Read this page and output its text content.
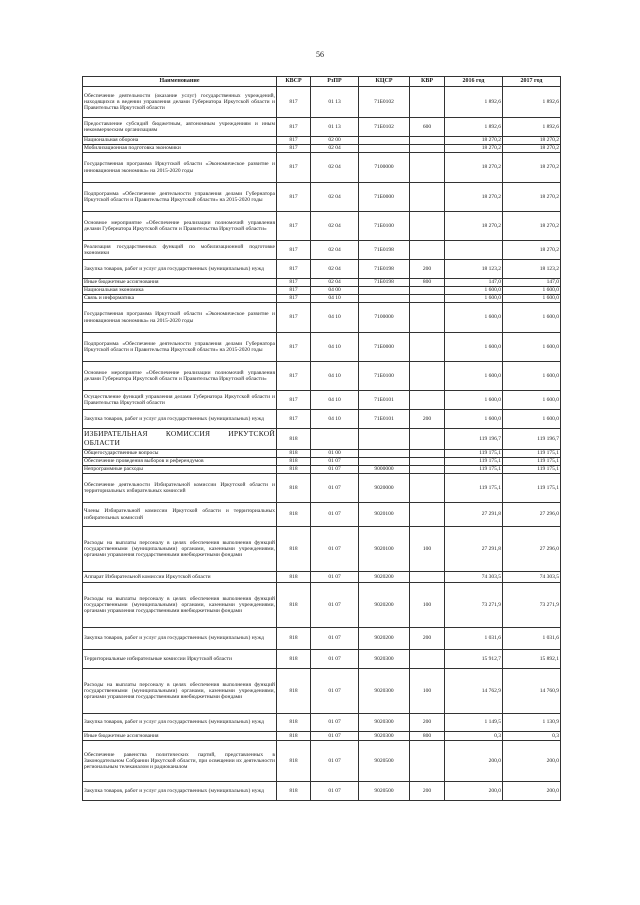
56
Наименование	КВСР	РзПР	КЦСР	КВР	2016 год	2017 год
Обеспечение деятельности (оказание услуг) государственных учреждений, находящихся в ведении управления делами Губернатора Иркутской области и Правительства Иркутской области	817	01 13	71Б0102		1 892,6	1 892,6
Предоставление субсидий бюджетным, автономным учреждениям и иным некоммерческим организациям	817	01 13	71Б0102	600	1 892,6	1 892,6
Национальная оборона	817	02 00			18 270,2	18 270,2
Мобилизационная подготовка экономики	817	02 04			18 270,2	18 270,2
Государственная программа Иркутской области «Экономическое развитие и инновационная экономика» на 2015-2020 годы	817	02 04	7100000		18 270,2	18 270,2
Подпрограмма «Обеспечение деятельности управления делами Губернатора Иркутской области и Правительства Иркутской области» на 2015-2020 годы	817	02 04	71Б0000		18 270,2	18 270,2
Основное мероприятие «Обеспечение реализации полномочий управления делами Губернатора Иркутской области и Правительства Иркутской области»	817	02 04	71Б0100		18 270,2	18 270,2
Реализация государственных функций по мобилизационной подготовке экономики	817	02 04	71Б0198			18 270,2
Закупка товаров, работ и услуг для государственных (муниципальных) нужд	817	02 04	71Б0198	200	18 123,2	18 123,2
Иные бюджетные ассигнования	817	02 04	71Б0198	800	147,0	147,0
Национальная экономика	817	04 00			1 600,0	1 600,0
Связь и информатика	817	04 10			1 600,0	1 600,0
Государственная программа Иркутской области «Экономическое развитие и инновационная экономика» на 2015-2020 годы	817	04 10	7100000		1 600,0	1 600,0
Подпрограмма «Обеспечение деятельности управления делами Губернатора Иркутской области и Правительства Иркутской области» на 2015-2020 годы	817	04 10	71Б0000		1 600,0	1 600,0
Основное мероприятие «Обеспечение реализации полномочий управления делами Губернатора Иркутской области и Правительства Иркутской области»	817	04 10	71Б0100		1 600,0	1 600,0
Осуществление функций управления делами Губернатора Иркутской области и Правительства Иркутской области	817	04 10	71Б0101		1 600,0	1 600,0
Закупка товаров, работ и услуг для государственных (муниципальных) нужд	817	04 10	71Б0101	200	1 600,0	1 600,0
ИЗБИРАТЕЛЬНАЯ КОМИССИЯ ИРКУТСКОЙ ОБЛАСТИ	818				119 196,7	119 196,7
Общегосударственные вопросы	818	01 00			119 175,1	119 175,1
Обеспечение проведения выборов и референдумов	818	01 07			119 175,1	119 175,1
Непрограммные расходы	818	01 07	9000000		119 175,1	119 175,1
Обеспечение деятельности Избирательной комиссии Иркутской области и территориальных избирательных комиссий	818	01 07	9020000		119 175,1	119 175,1
Члены Избирательной комиссии Иркутской области и территориальных избирательных комиссий	818	01 07	9020100		27 291,8	27 296,0
Расходы на выплаты персоналу в целях обеспечения выполнения функций государственными (муниципальными) органами, казенными учреждениями, органами управления государственными внебюджетными фондами	818	01 07	9020100	100	27 291,8	27 296,0
Аппарат Избирательной комиссии Иркутской области	818	01 07	9020200		74 303,5	74 303,5
Расходы на выплаты персоналу в целях обеспечения выполнения функций государственными (муниципальными) органами, казенными учреждениями, органами управления государственными внебюджетными фондами	818	01 07	9020200	100	73 271,9	73 271,9
Закупка товаров, работ и услуг для государственных (муниципальных) нужд	818	01 07	9020200	200	1 031,6	1 031,6
Территориальные избирательные комиссии Иркутской области	818	01 07	9020300		15 912,7	15 892,1
Расходы на выплаты персоналу в целях обеспечения выполнения функций государственными (муниципальными) органами, казенными учреждениями, органами управления государственными внебюджетными фондами	818	01 07	9020300	100	14 762,9	14 760,9
Закупка товаров, работ и услуг для государственных (муниципальных) нужд	818	01 07	9020300	200	1 149,5	1 130,9
Иные бюджетные ассигнования	818	01 07	9020300	800	0,3	0,3
Обеспечение равенства политических партий, представленных в Законодательном Собрании Иркутской области, при освещении их деятельности региональным телеканалом и радиоканалом	818	01 07	9020500		200,0	200,0
Закупка товаров, работ и услуг для государственных (муниципальных) нужд	818	01 07	9020500	200	200,0	200,0
